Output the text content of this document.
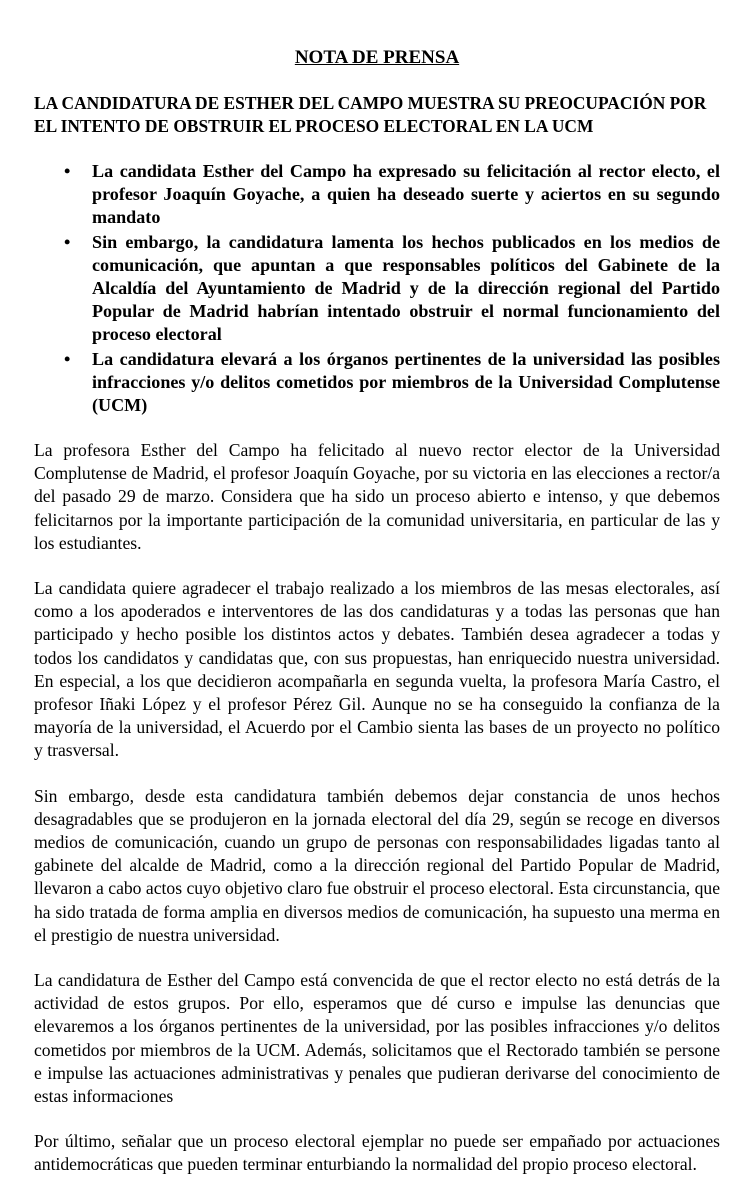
NOTA DE PRENSA
LA CANDIDATURA DE ESTHER DEL CAMPO MUESTRA SU PREOCUPACIÓN POR EL INTENTO DE OBSTRUIR EL PROCESO ELECTORAL EN LA UCM
•	La candidata Esther del Campo ha expresado su felicitación al rector electo, el profesor Joaquín Goyache, a quien ha deseado suerte y aciertos en su segundo mandato
•	Sin embargo, la candidatura lamenta los hechos publicados en los medios de comunicación, que apuntan a que responsables políticos del Gabinete de la Alcaldía del Ayuntamiento de Madrid y de la dirección regional del Partido Popular de Madrid habrían intentado obstruir el normal funcionamiento del proceso electoral
•	La candidatura elevará a los órganos pertinentes de la universidad las posibles infracciones y/o delitos cometidos por miembros de la Universidad Complutense (UCM)

La profesora Esther del Campo ha felicitado al nuevo rector elector de la Universidad Complutense de Madrid, el profesor Joaquín Goyache, por su victoria en las elecciones a rector/a del pasado 29 de marzo. Considera que ha sido un proceso abierto e intenso, y que debemos felicitarnos por la importante participación de la comunidad universitaria, en particular de las y los estudiantes.

La candidata quiere agradecer el trabajo realizado a los miembros de las mesas electorales, así como a los apoderados e interventores de las dos candidaturas y a todas las personas que han participado y hecho posible los distintos actos y debates. También desea agradecer a todas y todos los candidatos y candidatas que, con sus propuestas, han enriquecido nuestra universidad. En especial, a los que decidieron acompañarla en segunda vuelta, la profesora María Castro, el profesor Iñaki López y el profesor Pérez Gil. Aunque no se ha conseguido la confianza de la mayoría de la universidad, el Acuerdo por el Cambio sienta las bases de un proyecto no político y trasversal.

Sin embargo, desde esta candidatura también debemos dejar constancia de unos hechos desagradables que se produjeron en la jornada electoral del día 29, según se recoge en diversos medios de comunicación, cuando un grupo de personas con responsabilidades ligadas tanto al gabinete del alcalde de Madrid, como a la dirección regional del Partido Popular de Madrid, llevaron a cabo actos cuyo objetivo claro fue obstruir el proceso electoral. Esta circunstancia, que ha sido tratada de forma amplia en diversos medios de comunicación, ha supuesto una merma en el prestigio de nuestra universidad.

La candidatura de Esther del Campo está convencida de que el rector electo no está detrás de la actividad de estos grupos. Por ello, esperamos que dé curso e impulse las denuncias que elevaremos a los órganos pertinentes de la universidad, por las posibles infracciones y/o delitos cometidos por miembros de la UCM. Además, solicitamos que el Rectorado también se persone e impulse las actuaciones administrativas y penales que pudieran derivarse del conocimiento de estas informaciones

Por último, señalar que un proceso electoral ejemplar no puede ser empañado por actuaciones antidemocráticas que pueden terminar enturbiando la normalidad del propio proceso electoral.
